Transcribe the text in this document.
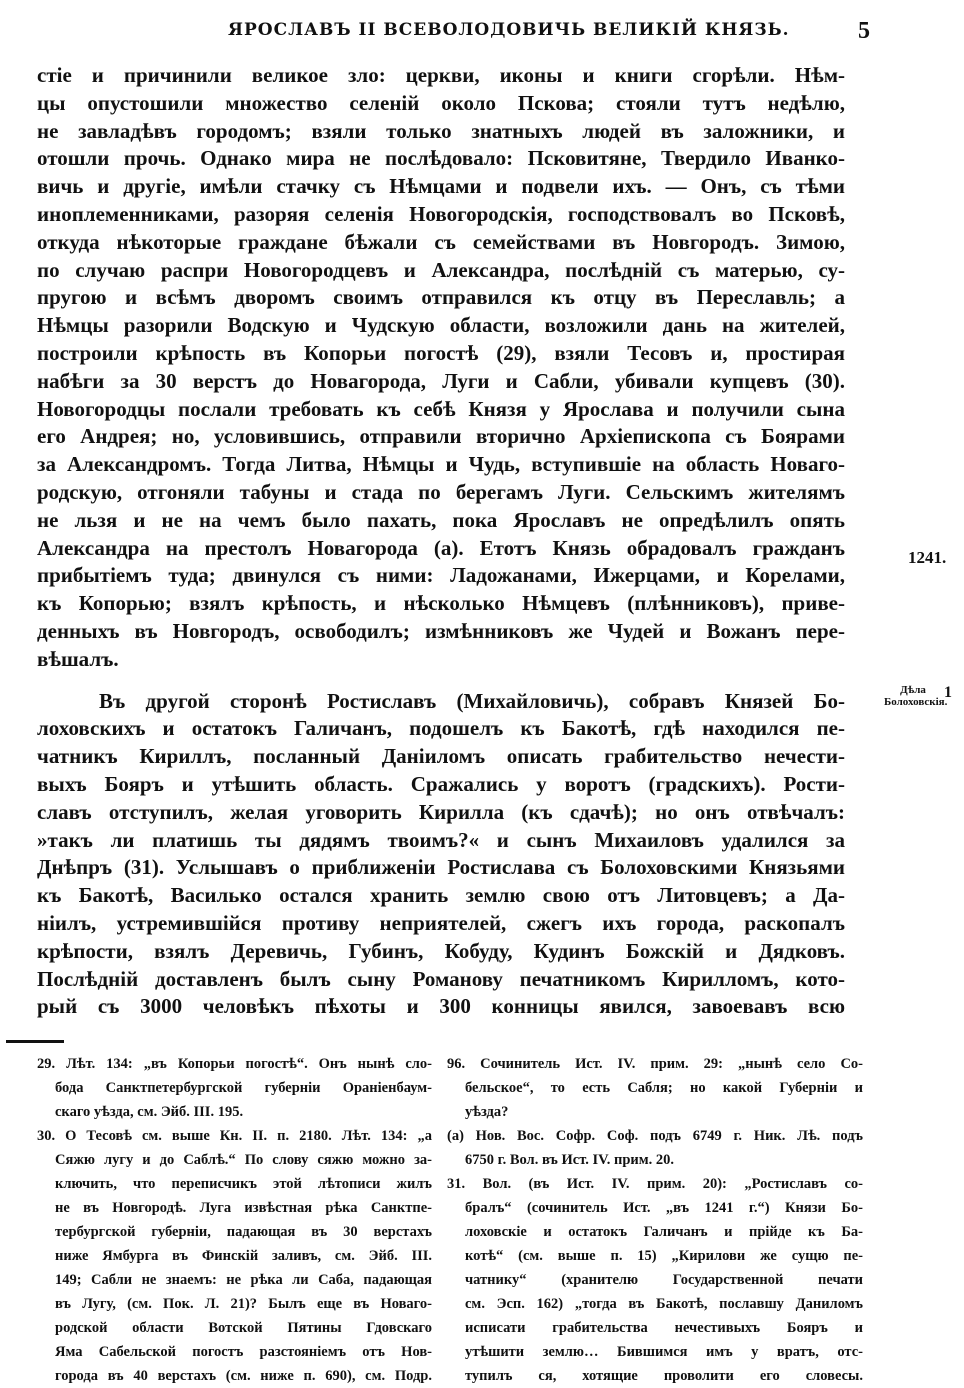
ЯРОСЛАВЪ II ВСЕВОЛОДОВИЧЬ ВЕЛИКІЙ КНЯЗЬ.	5
стіе и причинили великое зло: церкви, иконы и книги сгорѣли. Нѣм-
цы опустошили множество селеній около Пскова; стояли тутъ недѣлю,
не завладѣвъ городомъ; взяли только знатныхъ людей въ заложники, и
отошли прочь. Однако мира не послѣдовало: Псковитяне, Твердило Иванко-
вичь и другіе, имѣли стачку съ Нѣмцами и подвели ихъ. — Онъ, съ тѣми
иноплеменниками, разоряя селенія Новогородскія, господствовалъ во Псковѣ,
откуда нѣкоторые граждане бѣжали съ семействами въ Новгородъ. Зимою,
по случаю распри Новогородцевъ и Александра, послѣдній съ матерью, су-
пругою и всѣмъ дворомъ своимъ отправился къ отцу въ Переславль; а
Нѣмцы разорили Водскую и Чудскую области, возложили дань на жителей,
построили крѣпость въ Копорьи погостѣ (29), взяли Тесовъ и, простирая
набѣги за 30 верстъ до Новагорода, Луги и Сабли, убивали купцевъ (30).
Новогородцы послали требовать къ себѣ Князя у Ярослава и получили сына
его Андрея; но, условившись, отправили вторично Архіепископа съ Боярами
за Александромъ. Тогда Литва, Нѣмцы и Чудь, вступившіе на область Новаго-
родскую, отгоняли табуны и стада по берегамъ Луги. Сельскимъ жителямъ
не льзя и не на чемъ было пахать, пока Ярославъ не опредѣлилъ опять
Александра на престолъ Новагорода (а). Етотъ Князь обрадовалъ гражданъ
прибытіемъ туда; двинулся съ ними: Ладожанами, Ижерцами, и Корелами,
къ Копорью; взялъ крѣпость, и нѣсколько Нѣмцевъ (плѣнниковъ), приве-
денныхъ въ Новгородъ, освободилъ; измѣнниковъ же Чудей и Вожанъ пере-
вѣшалъ.
Въ другой сторонѣ Ростиславъ (Михайловичь), собравъ Князей Бо-
лоховскихъ и остатокъ Галичанъ, подошелъ къ Бакотѣ, гдѣ находился пе-
чатникъ Кириллъ, посланный Даніиломъ описать грабительство нечести-
выхъ Бояръ и утѣшить область. Сражались у воротъ (градскихъ). Рости-
славъ отступилъ, желая уговорить Кирилла (къ сдачѣ); но онъ отвѣчалъ:
»такъ ли платишь ты дядямъ твоимъ?« и сынъ Михаиловъ удалился за
Днѣпръ (31). Услышавъ о приближеніи Ростислава съ Болоховскими Князьями
къ Бакотѣ, Василько остался хранить землю свою отъ Литовцевъ; а Да-
ніилъ, устремившійся противу неприятелей, сжегъ ихъ города, раскопалъ
крѣпости, взялъ Деревичь, Губинъ, Кобуду, Кудинъ Божскій и Дядковъ.
Послѣдній доставленъ былъ сыну Романову печатникомъ Кирилломъ, кото-
рый съ 3000 человѣкъ пѣхоты и 300 конницы явился, завоевавъ всю
1241.
Дѣла Болоховскія.
1
29. Лѣт. 134: „въ Копорьи погостѣ“. Онъ нынѣ сло-
бода Санктпетербургской губерніи Ораніенбаум-
скаго уѣзда, см. Эйб. III. 195.
30. О Тесовѣ см. выше Кн. II. п. 2180. Лѣт. 134: „а
Сяжю лугу и до Саблѣ.“ По слову сяжю можно за-
ключить, что переписчикъ этой лѣтописи жилъ
не въ Новгородѣ. Луга извѣстная рѣка Санктпе-
тербургской губерніи, падающая въ 30 верстахъ
ниже Ямбурга въ Финскій заливъ, см. Эйб. III.
149; Сабли не знаемъ: не рѣка ли Саба, падающая
въ Лугу, (см. Пок. Л. 21)? Былъ еще въ Новаго-
родской области Вотской Пятины Гдовскаго
Яма Сабельской погостъ разстояніемъ отъ Нов-
города въ 40 верстахъ (см. ниже п. 690), см. Подр.
96. Сочинитель Ист. IV. прим. 29: „нынѣ село Со-
бельское“, то есть Сабля; но какой Губерніи и
уѣзда?
(а) Нов. Вос. Софр. Соф. подъ 6749 г. Ник. Лѣ. подъ
6750 г. Вол. въ Ист. IV. прим. 20.
31. Вол. (въ Ист. IV. прим. 20): „Ростиславъ со-
бралъ“ (сочинитель Ист. „въ 1241 г.“) Князи Бо-
лоховскіе и остатокъ Галичанъ и прійде къ Ба-
котѣ“ (см. выше п. 15) „Кирилови же сущю пе-
чатнику“ (хранителю Государственной печати
см. Эсп. 162) „тогда въ Бакотѣ, пославшу Даниломъ
исписати грабительства нечестивыхъ Бояръ и
утѣшити землю… Бившимся имъ у вратъ, отс-
тупилъ ся, хотящие проволити его словесы.
